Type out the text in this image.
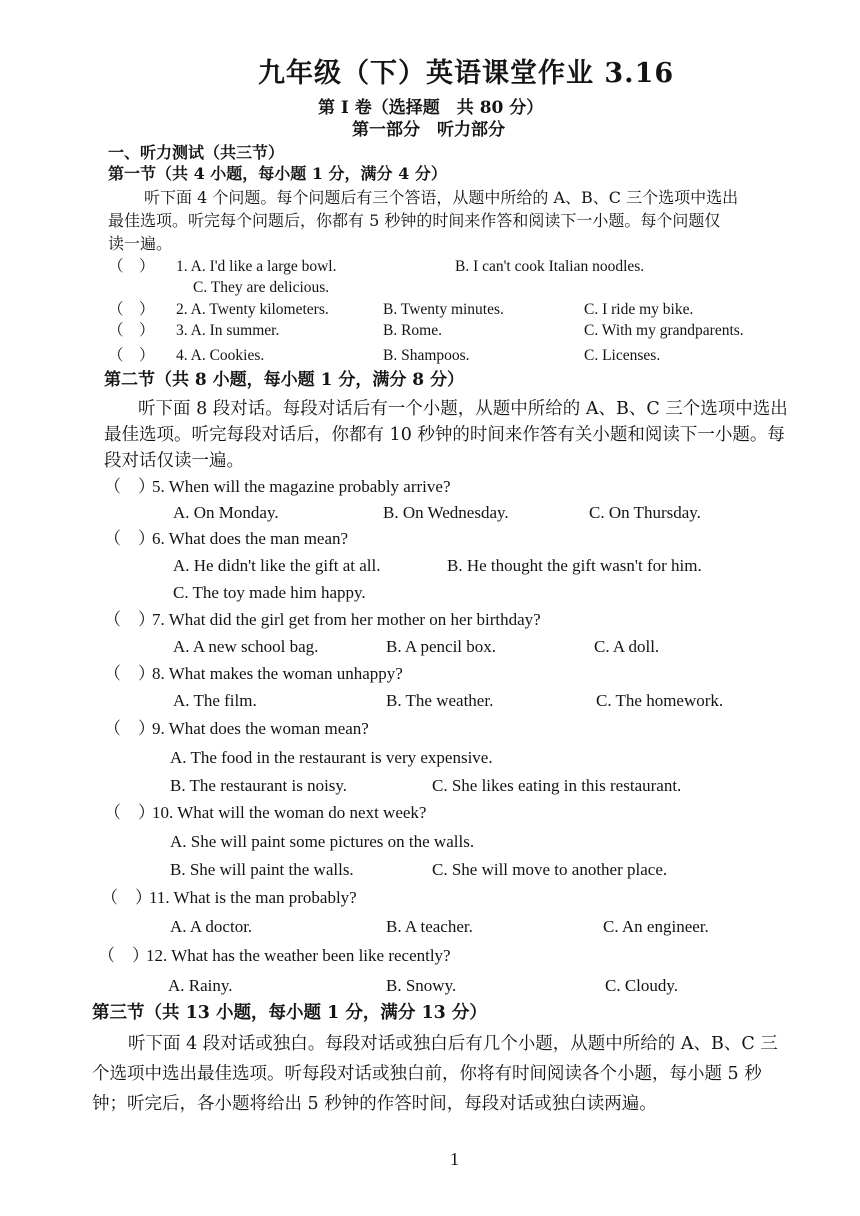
九年级（下）英语课堂作业 3.16
第 I 卷（选择题　共 80 分）
第一部分　听力部分
一、听力测试（共三节）
第一节（共 4 小题，每小题 1 分，满分 4 分）
听下面 4 个问题。每个问题后有三个答语，从题中所给的 A、B、C 三个选项中选出
最佳选项。听完每个问题后，你都有 5 秒钟的时间来作答和阅读下一小题。每个问题仅
读一遍。
（　） 1. A. I'd like a large bowl.	B. I can't cook Italian noodles.
C. They are delicious.
（　） 2. A. Twenty kilometers.	B. Twenty minutes.	C. I ride my bike.
（　） 3. A. In summer.	B. Rome.	C. With my grandparents.
（　） 4. A. Cookies.	B. Shampoos.	C. Licenses.
第二节（共 8 小题，每小题 1 分，满分 8 分）
听下面 8 段对话。每段对话后有一个小题，从题中所给的 A、B、C 三个选项中选出
最佳选项。听完每段对话后，你都有 10 秒钟的时间来作答有关小题和阅读下一小题。每
段对话仅读一遍。
（　）
5. When will the magazine probably arrive?
A. On Monday.	B. On Wednesday.	C. On Thursday.
（　）
6. What does the man mean?
A. He didn't like the gift at all.	B. He thought the gift wasn't for him.
C. The toy made him happy.
（　）
7. What did the girl get from her mother on her birthday?
A. A new school bag.	B. A pencil box.	C. A doll.
（　）
8. What makes the woman unhappy?
A. The film.	B. The weather.	C. The homework.
（　）
9. What does the woman mean?
A. The food in the restaurant is very expensive.
B. The restaurant is noisy.	C. She likes eating in this restaurant.
（　）
10. What will the woman do next week?
A. She will paint some pictures on the walls.
B. She will paint the walls.	C. She will move to another place.
（　）
11. What is the man probably?
A. A doctor.	B. A teacher.	C. An engineer.
（　）
12. What has the weather been like recently?
A. Rainy.	B. Snowy.	C. Cloudy.
第三节（共 13 小题，每小题 1 分，满分 13 分）
听下面 4 段对话或独白。每段对话或独白后有几个小题，从题中所给的 A、B、C 三
个选项中选出最佳选项。听每段对话或独白前，你将有时间阅读各个小题，每小题 5 秒
钟；听完后，各小题将给出 5 秒钟的作答时间，每段对话或独白读两遍。
1
